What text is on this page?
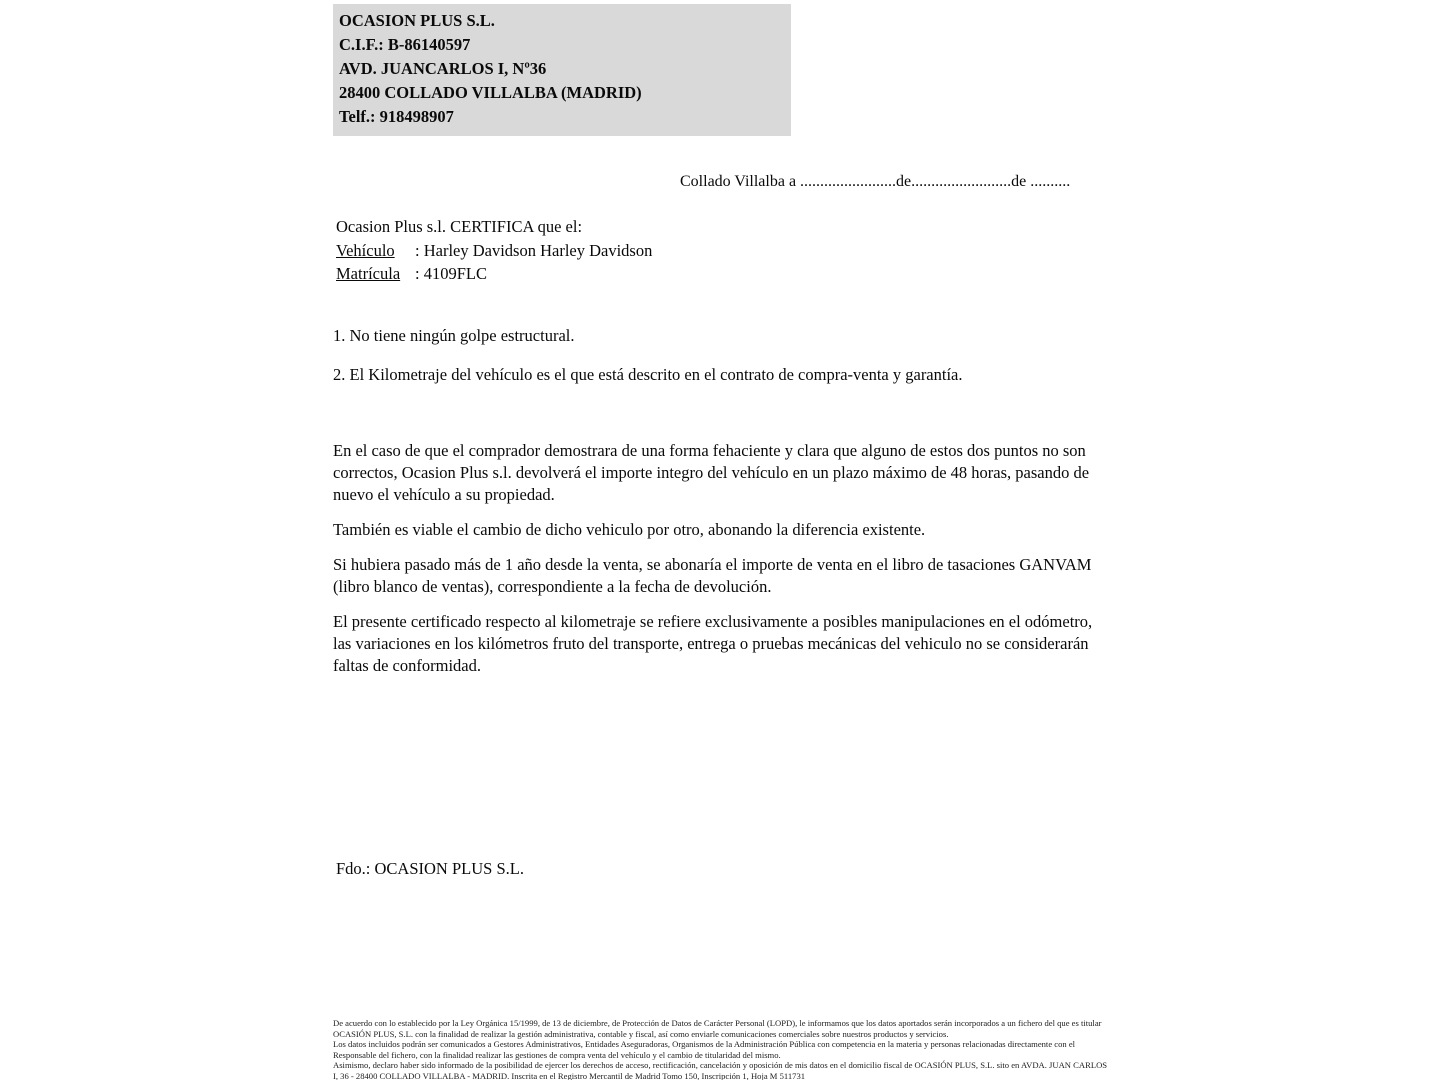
OCASION PLUS S.L.
C.I.F.: B-86140597
AVD. JUANCARLOS I, Nº36
28400 COLLADO VILLALBA (MADRID)
Telf.: 918498907
Collado Villalba a ........................de.........................de ..........
Ocasion Plus s.l. CERTIFICA que el:
Vehículo : Harley Davidson Harley Davidson
Matrícula : 4109FLC
1. No tiene ningún golpe estructural.
2. El Kilometraje del vehículo es el que está descrito en el contrato de compra-venta y garantía.

En el caso de que el comprador demostrara de una forma fehaciente y clara que alguno de estos dos puntos no son correctos, Ocasion Plus s.l. devolverá el importe integro del vehículo en un plazo máximo de 48 horas, pasando de nuevo el vehículo a su propiedad.

También es viable el cambio de dicho vehiculo por otro, abonando la diferencia existente.

Si hubiera pasado más de 1 año desde la venta, se abonaría el importe de venta en el libro de tasaciones GANVAM (libro blanco de ventas), correspondiente a la fecha de devolución.

El presente certificado respecto al kilometraje se refiere exclusivamente a posibles manipulaciones en el odómetro, las variaciones en los kilómetros fruto del transporte, entrega o pruebas mecánicas del vehiculo no se considerarán faltas de conformidad.

Fdo.: OCASION PLUS S.L.

De acuerdo con lo establecido por la Ley Orgánica 15/1999, de 13 de diciembre, de Protección de Datos de Carácter Personal (LOPD), le informamos que los datos aportados serán incorporados a un fichero del que es titular OCASIÓN PLUS, S.L. con la finalidad de realizar la gestión administrativa, contable y fiscal, así como enviarle comunicaciones comerciales sobre nuestros productos y servicios.

Los datos incluidos podrán ser comunicados a Gestores Administrativos, Entidades Aseguradoras, Organismos de la Administración Pública con competencia en la materia y personas relacionadas directamente con el Responsable del fichero, con la finalidad realizar las gestiones de compra venta del vehículo y el cambio de titularidad del mismo.

Asimismo, declaro haber sido informado de la posibilidad de ejercer los derechos de acceso, rectificación, cancelación y oposición de mis datos en el domicilio fiscal de OCASIÓN PLUS, S.L. sito en AVDA. JUAN CARLOS I, 36 - 28400 COLLADO VILLALBA - MADRID. Inscrita en el Registro Mercantil de Madrid Tomo 150, Inscripción 1, Hoja M 511731
